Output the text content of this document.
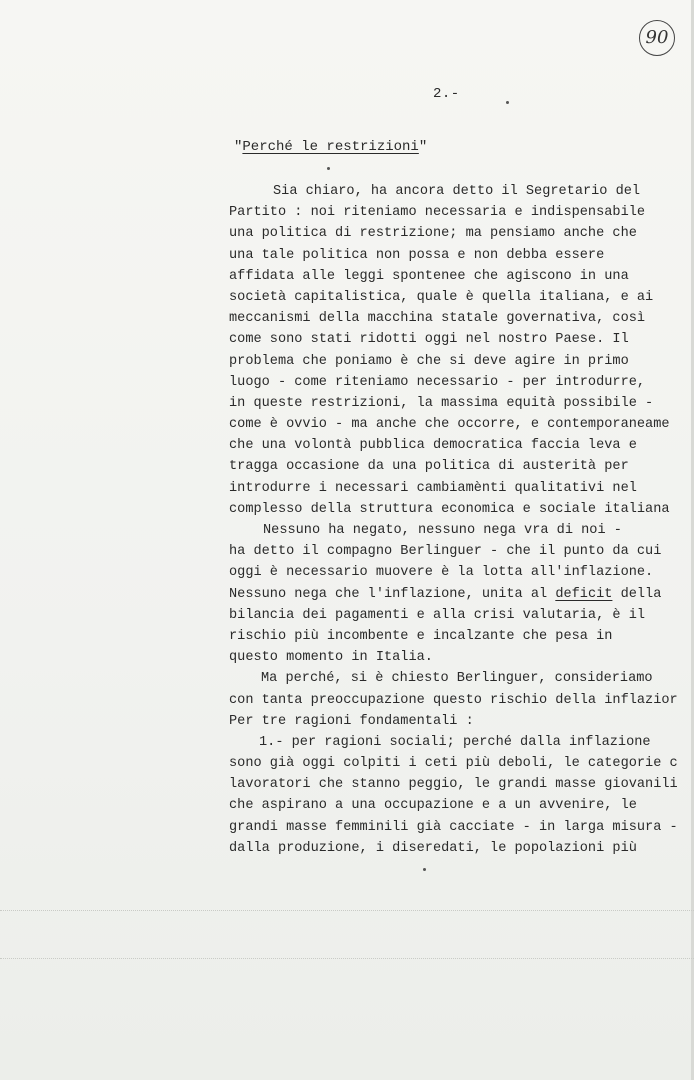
90
2.-
"Perché le restrizioni"
Sia chiaro, ha ancora detto il Segretario del
Partito : noi riteniamo necessaria e indispensabile
una politica di restrizione; ma pensiamo anche che
una tale politica non possa e non debba essere
affidata alle leggi spontenee che agiscono in una
società capitalistica, quale è quella italiana, e ai
meccanismi della macchina statale governativa, così
come sono stati ridotti oggi nel nostro Paese. Il
problema che poniamo è che si deve agire in primo
luogo - come riteniamo necessario - per introdurre,
in queste restrizioni, la massima equità possibile -
come è ovvio - ma anche che occorre, e contemporaneame
che una volontà pubblica democratica faccia leva e
tragga occasione da una politica di austerità per
introdurre i necessari cambiamènti qualitativi nel
complesso della struttura economica e sociale italiana
Nessuno ha negato, nessuno nega vra di noi -
ha detto il compagno Berlinguer - che il punto da cui
oggi è necessario muovere è la lotta all'inflazione.
Nessuno nega che l'inflazione, unita al deficit della
bilancia dei pagamenti e alla crisi valutaria, è il
rischio più incombente e incalzante che pesa in
questo momento in Italia.
Ma perché, si è chiesto Berlinguer, consideriamo
con tanta preoccupazione questo rischio della inflazior
Per tre ragioni fondamentali :
1.- per ragioni sociali; perché dalla inflazione
sono già oggi colpiti i ceti più deboli, le categorie c
lavoratori che stanno peggio, le grandi masse giovanili
che aspirano a una occupazione e a un avvenire, le
grandi masse femminili già cacciate - in larga misura -
dalla produzione, i diseredati, le popolazioni più
